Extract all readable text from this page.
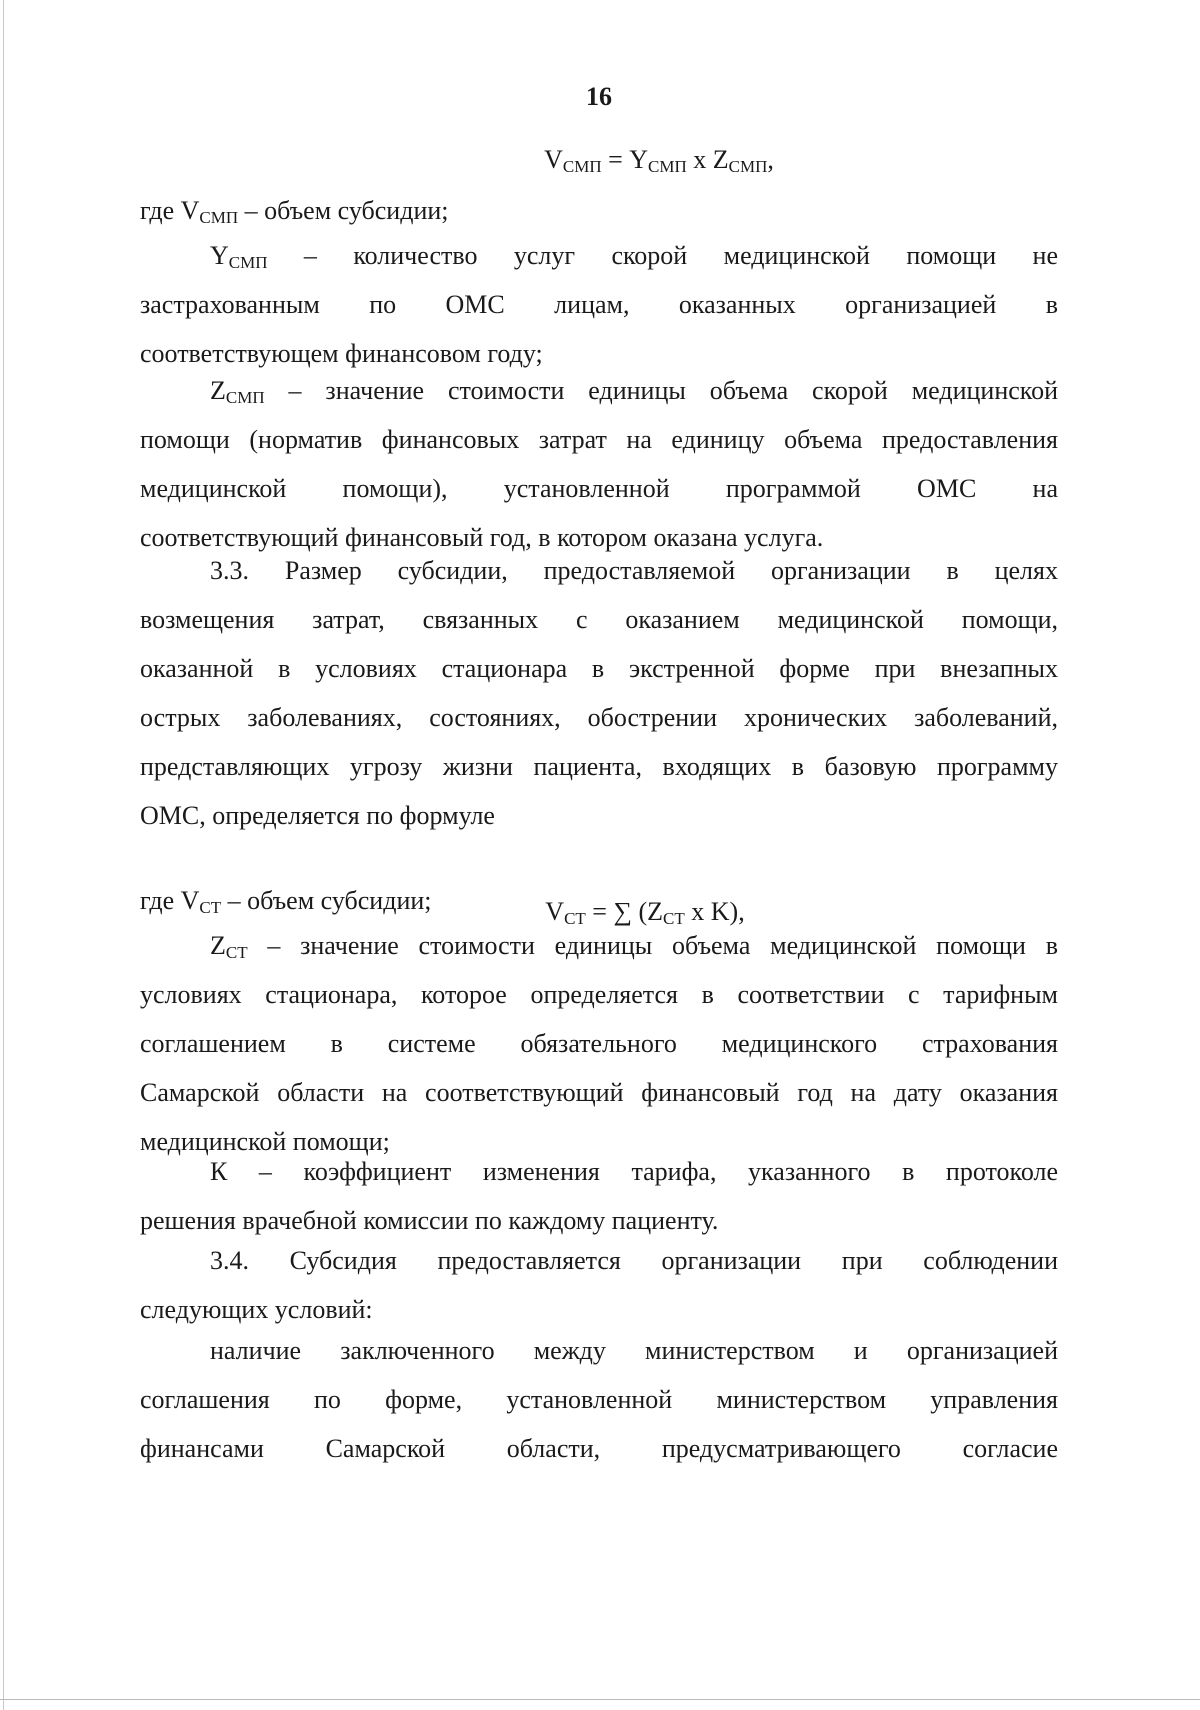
16
$V_{СМП} = Y_{СМП}$ x $Z_{СМП}$,
где $V_{СМП}$ – объем субсидии;
$Y_{СМП}$ – количество услуг скорой медицинской помощи не
застрахованным по ОМС лицам, оказанных организацией в
соответствующем финансовом году;
$Z_{СМП}$ – значение стоимости единицы объема скорой медицинской
помощи (норматив финансовых затрат на единицу объема предоставления
медицинской помощи), установленной программой ОМС на
соответствующий финансовый год, в котором оказана услуга.
3.3. Размер субсидии, предоставляемой организации в целях
возмещения затрат, связанных с оказанием медицинской помощи,
оказанной в условиях стационара в экстренной форме при внезапных
острых заболеваниях, состояниях, обострении хронических заболеваний,
представляющих угрозу жизни пациента, входящих в базовую программу
ОМС, определяется по формуле
$V_{СТ}$ = ∑ ($Z_{СТ}$ x K),
где $V_{СТ}$ – объем субсидии;
$Z_{СТ}$ – значение стоимости единицы объема медицинской помощи в
условиях стационара, которое определяется в соответствии с тарифным
соглашением в системе обязательного медицинского страхования
Самарской области на соответствующий финансовый год на дату оказания
медицинской помощи;
К – коэффициент изменения тарифа, указанного в протоколе
решения врачебной комиссии по каждому пациенту.
3.4. Субсидия предоставляется организации при соблюдении
следующих условий:
наличие заключенного между министерством и организацией
соглашения по форме, установленной министерством управления
финансами Самарской области, предусматривающего согласие
